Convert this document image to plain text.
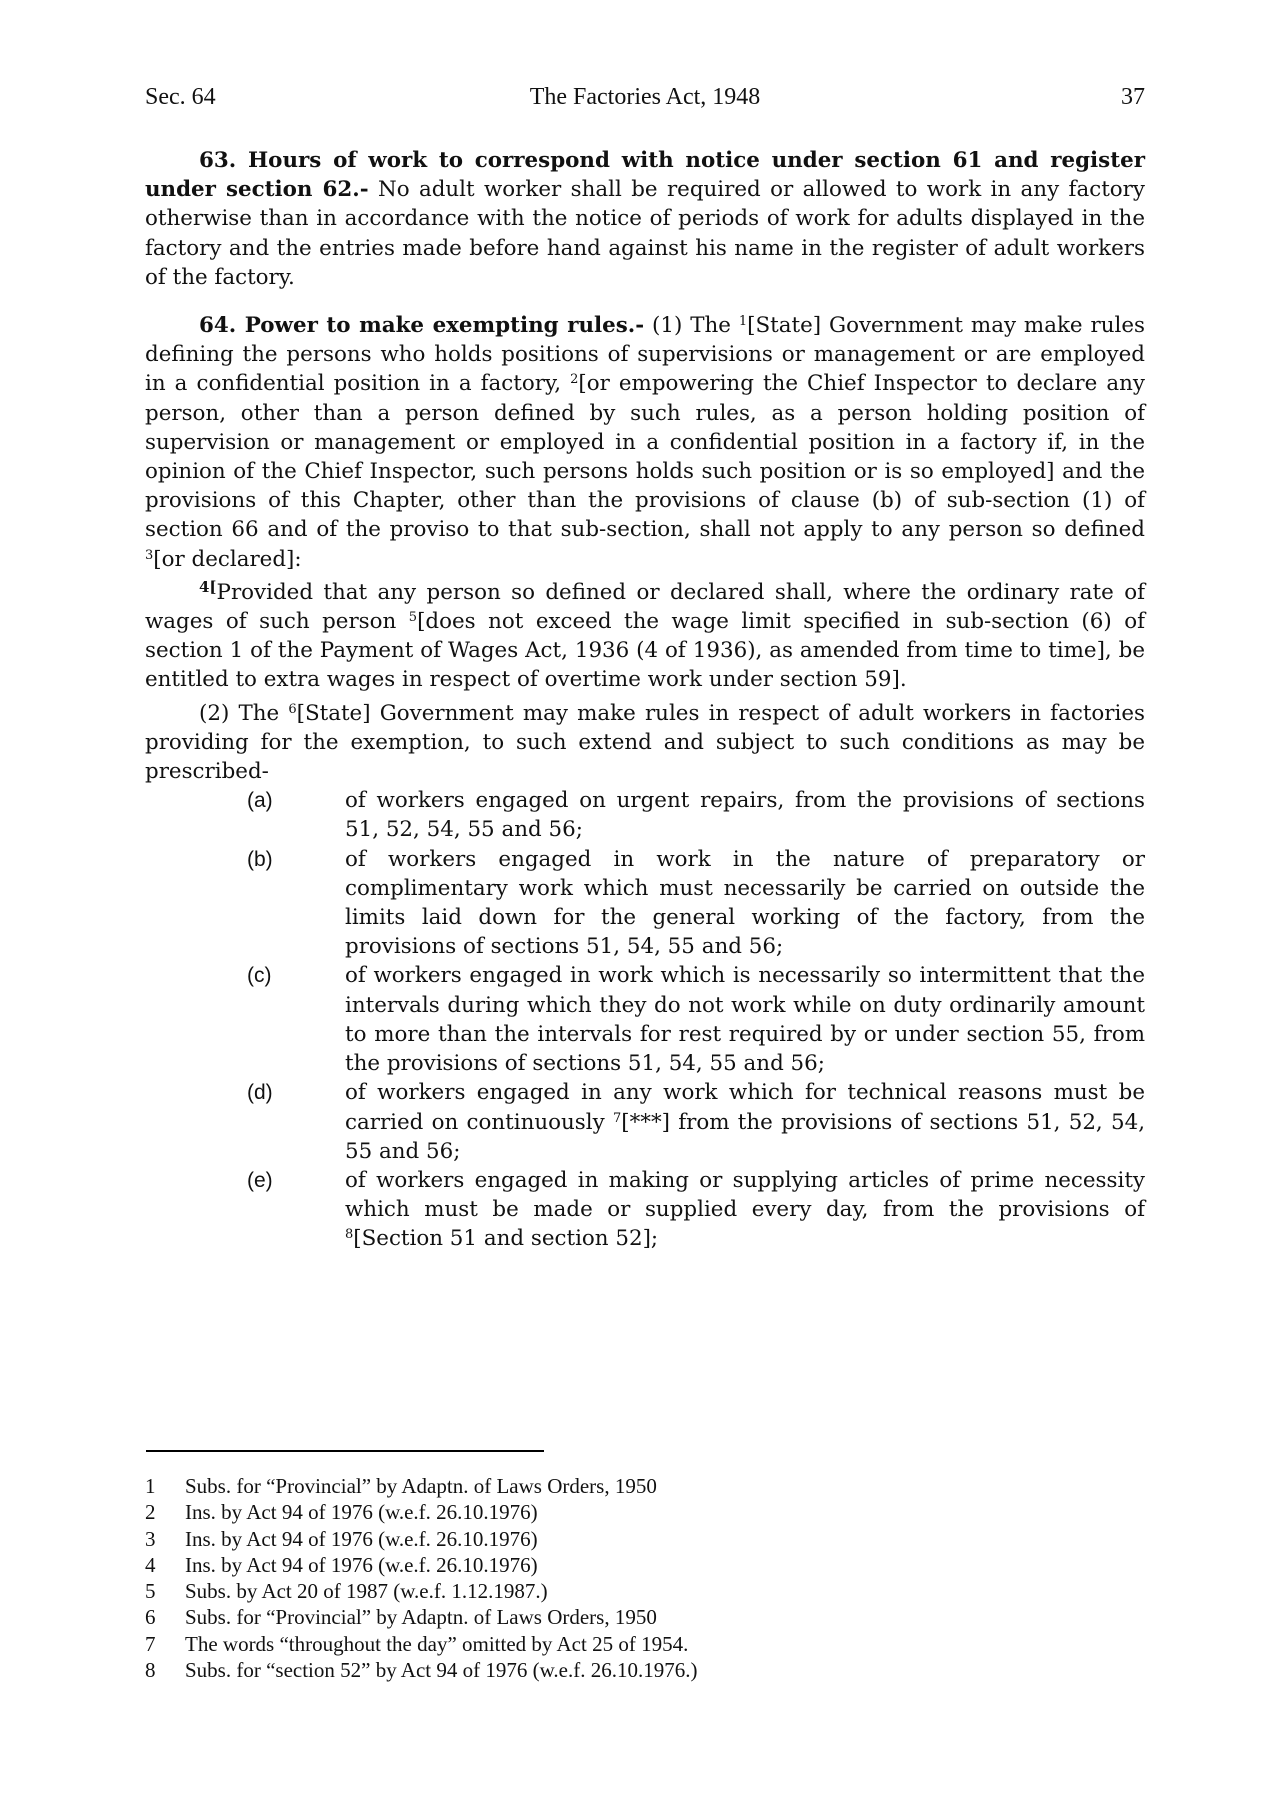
The Factories Act, 1948
Sec. 64	37

63. Hours of work to correspond with notice under section 61 and register under section 62.- No adult worker shall be required or allowed to work in any factory otherwise than in accordance with the notice of periods of work for adults displayed in the factory and the entries made before hand against his name in the register of adult workers of the factory.

64. Power to make exempting rules.- (1) The $^1$[State] Government may make rules defining the persons who holds positions of supervisions or management or are employed in a confidential position in a factory, $^2$[or empowering the Chief Inspector to declare any person, other than a person defined by such rules, as a person holding position of supervision or management or employed in a confidential position in a factory if, in the opinion of the Chief Inspector, such persons holds such position or is so employed] and the provisions of this Chapter, other than the provisions of clause (b) of sub-section (1) of section 66 and of the proviso to that sub-section, shall not apply to any person so defined $^3$[or declared]:

$^{4[}$Provided that any person so defined or declared shall, where the ordinary rate of wages of such person $^5$[does not exceed the wage limit specified in sub-section (6) of section 1 of the Payment of Wages Act, 1936 (4 of 1936), as amended from time to time], be entitled to extra wages in respect of overtime work under section 59].

(2) The $^6$[State] Government may make rules in respect of adult workers in factories providing for the exemption, to such extend and subject to such conditions as may be prescribed-

(a)	of workers engaged on urgent repairs, from the provisions of sections 51, 52, 54, 55 and 56;
(b)	of workers engaged in work in the nature of preparatory or complimentary work which must necessarily be carried on outside the limits laid down for the general working of the factory, from the provisions of sections 51, 54, 55 and 56;
(c)	of workers engaged in work which is necessarily so intermittent that the intervals during which they do not work while on duty ordinarily amount to more than the intervals for rest required by or under section 55, from the provisions of sections 51, 54, 55 and 56;
(d)	of workers engaged in any work which for technical reasons must be carried on continuously $^7$[***] from the provisions of sections 51, 52, 54, 55 and 56;
(e)	of workers engaged in making or supplying articles of prime necessity which must be made or supplied every day, from the provisions of $^8$[Section 51 and section 52];
1 Subs. for “Provincial” by Adaptn. of Laws Orders, 1950
2 Ins. by Act 94 of 1976 (w.e.f. 26.10.1976)
3 Ins. by Act 94 of 1976 (w.e.f. 26.10.1976)
4 Ins. by Act 94 of 1976 (w.e.f. 26.10.1976)
5 Subs. by Act 20 of 1987 (w.e.f. 1.12.1987.)
6 Subs. for “Provincial” by Adaptn. of Laws Orders, 1950
7 The words “throughout the day” omitted by Act 25 of 1954.
8 Subs. for “section 52” by Act 94 of 1976 (w.e.f. 26.10.1976.)
